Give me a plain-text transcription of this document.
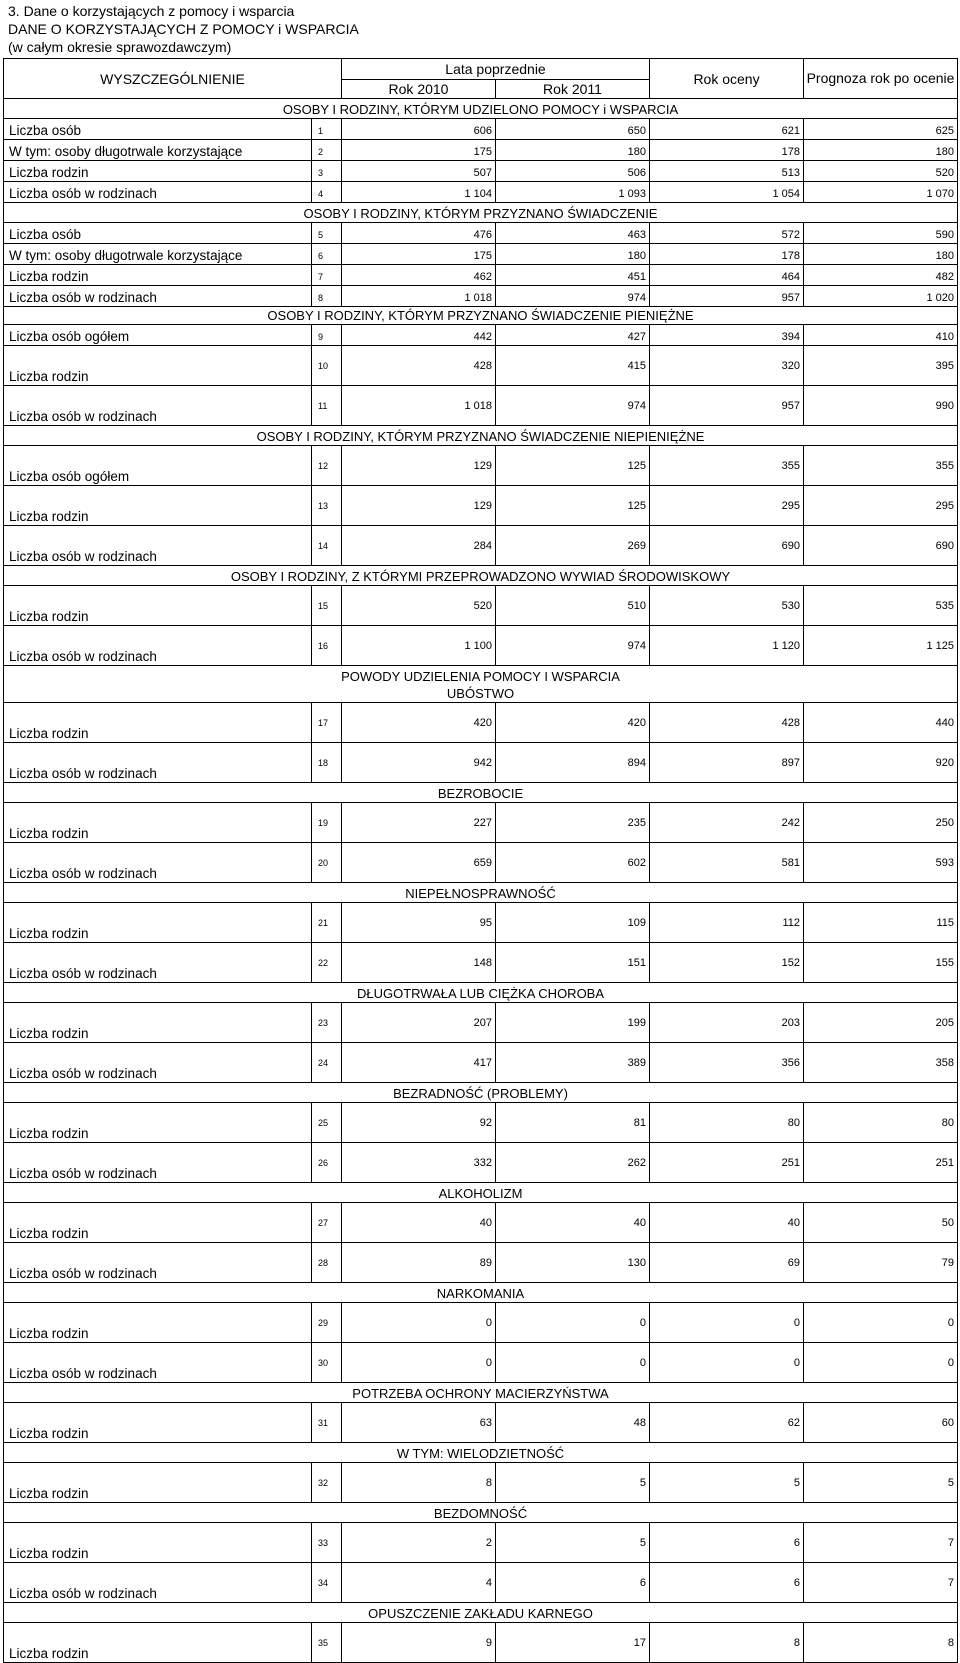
3. Dane o korzystających z pomocy i wsparcia
DANE O KORZYSTAJĄCYCH Z POMOCY i WSPARCIA
(w całym okresie sprawozdawczym)
WYSZCZEGÓLNIENIE		Lata poprzednie		Rok oceny	Prognoza rok po ocenie
		Rok 2010	Rok 2011		

OSOBY I RODZINY, KTÓRYM UDZIELONO POMOCY i WSPARCIA					

Liczba osób	1	606	650	621	625
W tym: osoby długotrwale korzystające	2	175	180	178	180
Liczba rodzin	3	507	506	513	520
Liczba osób w rodzinach	4	1 104	1 093	1 054	1 070

OSOBY I RODZINY, KTÓRYM PRZYZNANO ŚWIADCZENIE					

Liczba osób	5	476	463	572	590
W tym: osoby długotrwale korzystające	6	175	180	178	180
Liczba rodzin	7	462	451	464	482
Liczba osób w rodzinach	8	1 018	974	957	1 020

OSOBY I RODZINY, KTÓRYM PRZYZNANO ŚWIADCZENIE PIENIĘŻNE					

Liczba osób ogółem	9	442	427	394	410
Liczba rodzin	10	428	415	320	395
Liczba osób w rodzinach	11	1 018	974	957	990

OSOBY I RODZINY, KTÓRYM PRZYZNANO ŚWIADCZENIE NIEPIENIĘŻNE					

Liczba osób ogółem	12	129	125	355	355
Liczba rodzin	13	129	125	295	295
Liczba osób w rodzinach	14	284	269	690	690

OSOBY I RODZINY, Z KTÓRYMI PRZEPROWADZONO WYWIAD ŚRODOWISKOWY					

Liczba rodzin	15	520	510	530	535
Liczba osób w rodzinach	16	1 100	974	1 120	1 125

POWODY UDZIELENIA POMOCY I WSPARCIA
UBÓSTWO					

Liczba rodzin	17	420	420	428	440
Liczba osób w rodzinach	18	942	894	897	920

BEZROBOCIE					

Liczba rodzin	19	227	235	242	250
Liczba osób w rodzinach	20	659	602	581	593

NIEPEŁNOSPRAWNOŚĆ					

Liczba rodzin	21	95	109	112	115
Liczba osób w rodzinach	22	148	151	152	155

DŁUGOTRWAŁA LUB CIĘŻKA CHOROBA					

Liczba rodzin	23	207	199	203	205
Liczba osób w rodzinach	24	417	389	356	358

BEZRADNOŚĆ (PROBLEMY)					

Liczba rodzin	25	92	81	80	80
Liczba osób w rodzinach	26	332	262	251	251

ALKOHOLIZM					

Liczba rodzin	27	40	40	40	50
Liczba osób w rodzinach	28	89	130	69	79

NARKOMANIA					

Liczba rodzin	29	0	0	0	0
Liczba osób w rodzinach	30	0	0	0	0

POTRZEBA OCHRONY MACIERZYŃSTWA					

Liczba rodzin	31	63	48	62	60

W TYM: WIELODZIETNOŚĆ					

Liczba rodzin	32	8	5	5	5

BEZDOMNOŚĆ					

Liczba rodzin	33	2	5	6	7
Liczba osób w rodzinach	34	4	6	6	7

OPUSZCZENIE ZAKŁADU KARNEGO					

Liczba rodzin	35	9	17	8	8
